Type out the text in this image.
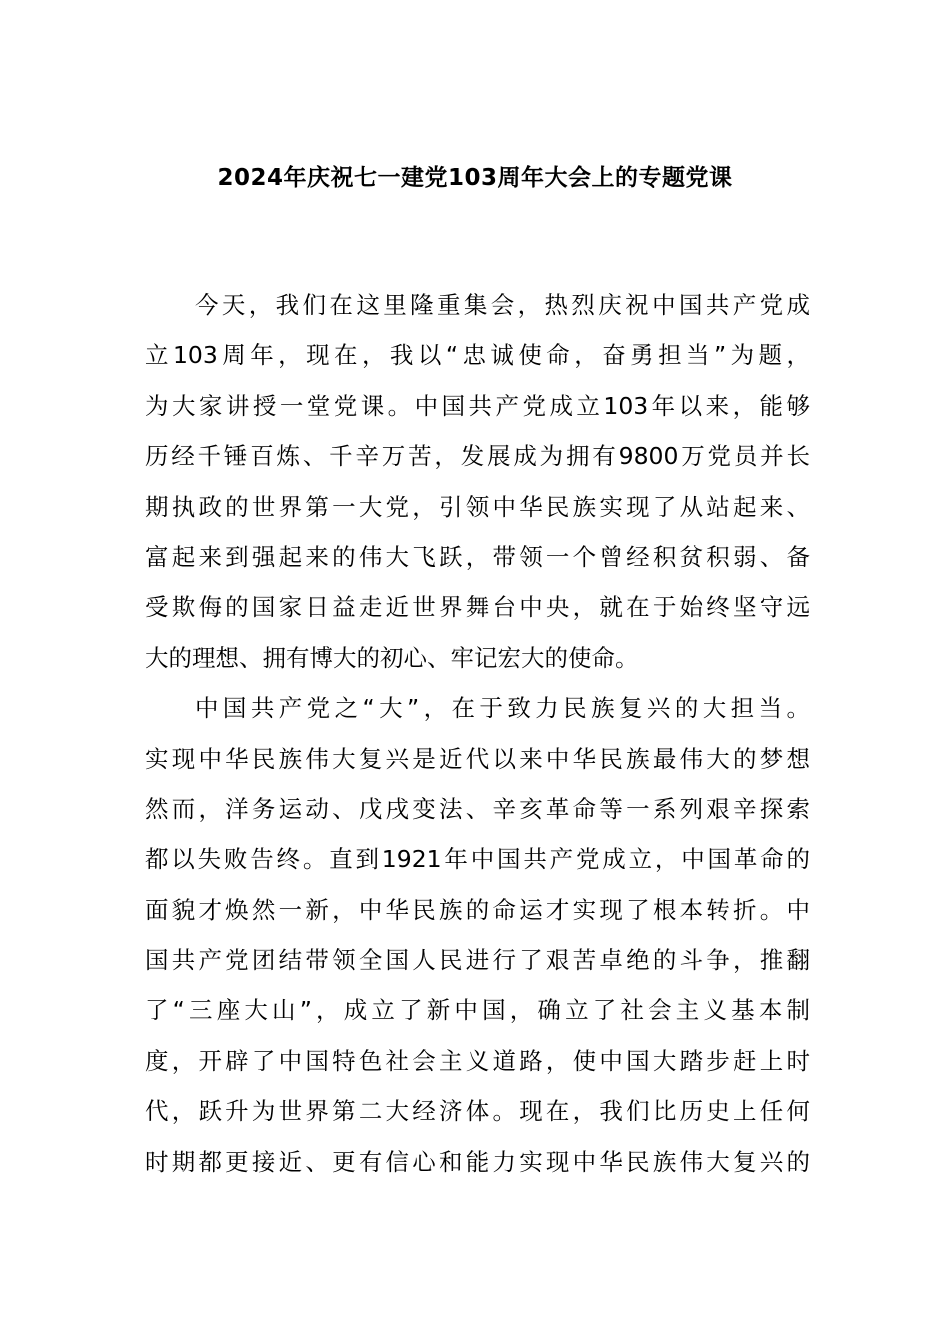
2024年庆祝七一建党103周年大会上的专题党课
今天，我们在这里隆重集会，热烈庆祝中国共产党成
立103周年，现在，我以“忠诚使命，奋勇担当”为题，
为大家讲授一堂党课。中国共产党成立103年以来，能够
历经千锤百炼、千辛万苦，发展成为拥有9800万党员并长
期执政的世界第一大党，引领中华民族实现了从站起来、
富起来到强起来的伟大飞跃，带领一个曾经积贫积弱、备
受欺侮的国家日益走近世界舞台中央，就在于始终坚守远
大的理想、拥有博大的初心、牢记宏大的使命。
中国共产党之“大”，在于致力民族复兴的大担当。
实现中华民族伟大复兴是近代以来中华民族最伟大的梦想
然而，洋务运动、戊戌变法、辛亥革命等一系列艰辛探索
都以失败告终。直到1921年中国共产党成立，中国革命的
面貌才焕然一新，中华民族的命运才实现了根本转折。中
国共产党团结带领全国人民进行了艰苦卓绝的斗争，推翻
了“三座大山”，成立了新中国，确立了社会主义基本制
度，开辟了中国特色社会主义道路，使中国大踏步赶上时
代，跃升为世界第二大经济体。现在，我们比历史上任何
时期都更接近、更有信心和能力实现中华民族伟大复兴的
